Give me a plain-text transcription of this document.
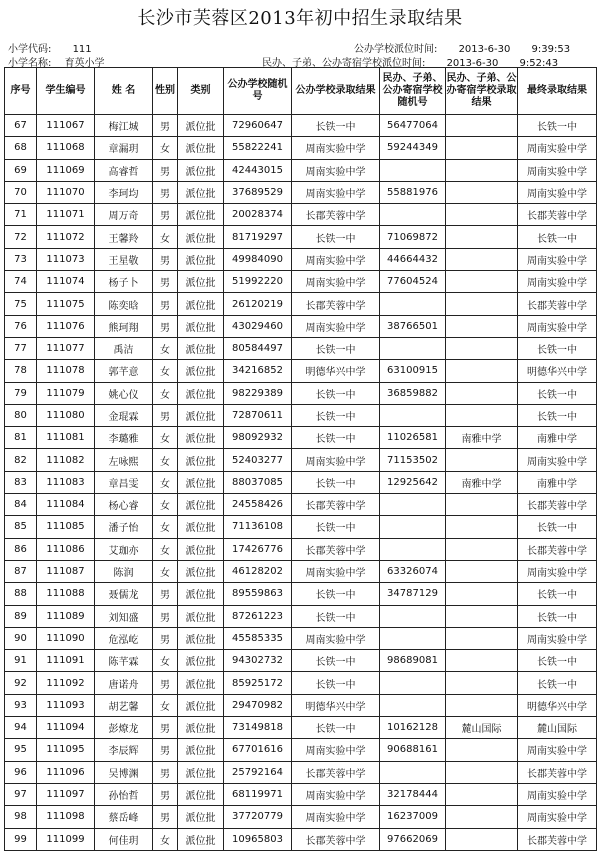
长沙市芙蓉区2013年初中招生录取结果
小学代码: 111
小学名称: 育英小学
公办学校派位时间: 2013-6-30 9:39:53
民办、子弟、公办寄宿学校派位时间: 2013-6-30 9:52:43
序号	学生编号	姓 名	性别	类别	公办学校随机号	公办学校录取结果	民办、子弟、公办寄宿学校随机号	民办、子弟、公办寄宿学校录取结果	最终录取结果
67	111067	梅江城	男	派位批	72960647	长铁一中	56477064		长铁一中
68	111068	章漏玥	女	派位批	55822241	周南实验中学	59244349		周南实验中学
69	111069	高睿哲	男	派位批	42443015	周南实验中学			周南实验中学
70	111070	李珂均	男	派位批	37689529	周南实验中学	55881976		周南实验中学
71	111071	周万奇	男	派位批	20028374	长郡芙蓉中学			长郡芙蓉中学
72	111072	王馨羚	女	派位批	81719297	长铁一中	71069872		长铁一中
73	111073	王星敬	男	派位批	49984090	周南实验中学	44664432		周南实验中学
74	111074	杨子卜	男	派位批	51992220	周南实验中学	77604524		周南实验中学
75	111075	陈奕晗	男	派位批	26120219	长郡芙蓉中学			长郡芙蓉中学
76	111076	熊珂翔	男	派位批	43029460	周南实验中学	38766501		周南实验中学
77	111077	禹洁	女	派位批	80584497	长铁一中			长铁一中
78	111078	郭芊意	女	派位批	34216852	明德华兴中学	63100915		明德华兴中学
79	111079	姚心仪	女	派位批	98229389	长铁一中	36859882		长铁一中
80	111080	金琨霖	男	派位批	72870611	长铁一中			长铁一中
81	111081	李璐雅	女	派位批	98092932	长铁一中	11026581	南雅中学	南雅中学
82	111082	左咏熙	女	派位批	52403277	周南实验中学	71153502		周南实验中学
83	111083	章昌雯	女	派位批	88037085	长铁一中	12925642	南雅中学	南雅中学
84	111084	杨心睿	女	派位批	24558426	长郡芙蓉中学			长郡芙蓉中学
85	111085	潘子怡	女	派位批	71136108	长铁一中			长铁一中
86	111086	艾珈亦	女	派位批	17426776	长郡芙蓉中学			长郡芙蓉中学
87	111087	陈润	女	派位批	46128202	周南实验中学	63326074		周南实验中学
88	111088	聂儒龙	男	派位批	89559863	长铁一中	34787129		长铁一中
89	111089	刘知盛	男	派位批	87261223	长铁一中			长铁一中
90	111090	危泓屹	男	派位批	45585335	周南实验中学			周南实验中学
91	111091	陈芊霖	女	派位批	94302732	长铁一中	98689081		长铁一中
92	111092	唐诺舟	男	派位批	85925172	长铁一中			长铁一中
93	111093	胡艺馨	女	派位批	29470982	明德华兴中学			明德华兴中学
94	111094	彭燎龙	男	派位批	73149818	长铁一中	10162128	麓山国际	麓山国际
95	111095	李辰辉	男	派位批	67701616	周南实验中学	90688161		周南实验中学
96	111096	吴博渊	男	派位批	25792164	长郡芙蓉中学			长郡芙蓉中学
97	111097	孙怡哲	男	派位批	68119971	周南实验中学	32178444		周南实验中学
98	111098	蔡岳峰	男	派位批	37720779	周南实验中学	16237009		周南实验中学
99	111099	何佳玥	女	派位批	10965803	长郡芙蓉中学	97662069		长郡芙蓉中学
